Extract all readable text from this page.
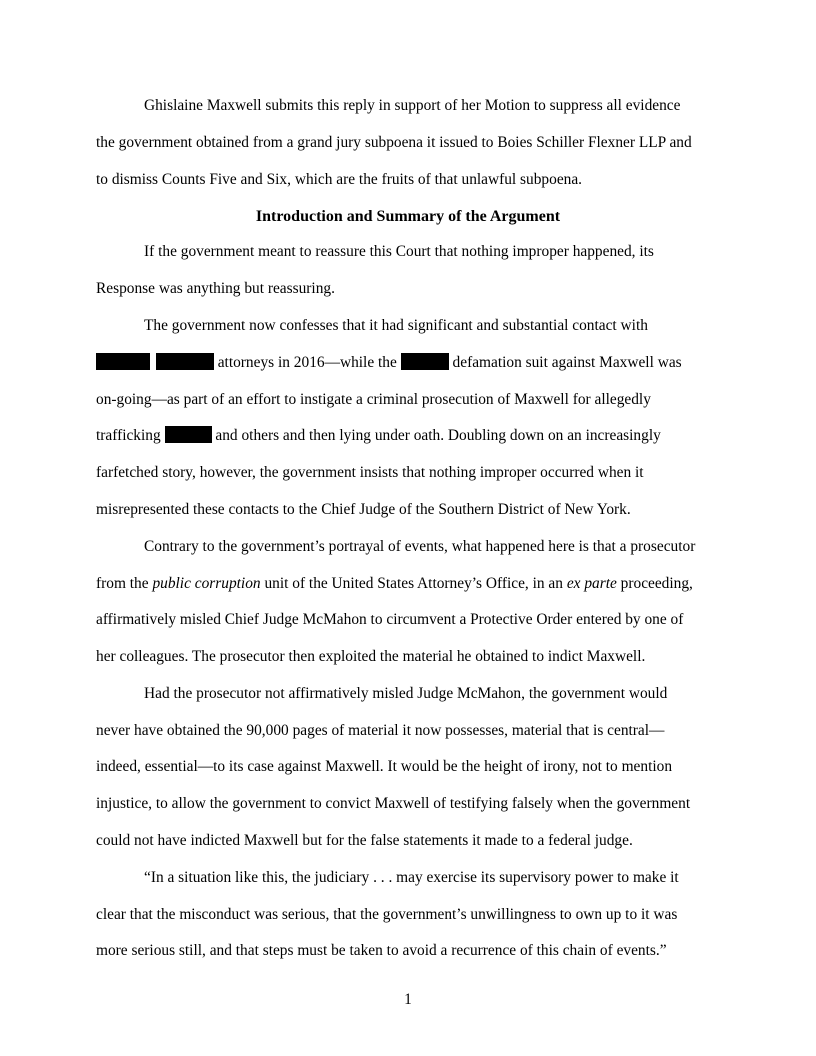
Ghislaine Maxwell submits this reply in support of her Motion to suppress all evidence
the government obtained from a grand jury subpoena it issued to Boies Schiller Flexner LLP and
to dismiss Counts Five and Six, which are the fruits of that unlawful subpoena.
Introduction and Summary of the Argument
If the government meant to reassure this Court that nothing improper happened, its
Response was anything but reassuring.
The government now confesses that it had significant and substantial contact with
attorneys in 2016—while the	defamation suit against Maxwell was
on-going—as part of an effort to instigate a criminal prosecution of Maxwell for allegedly
trafficking	and others and then lying under oath. Doubling down on an increasingly
farfetched story, however, the government insists that nothing improper occurred when it
misrepresented these contacts to the Chief Judge of the Southern District of New York.
Contrary to the government’s portrayal of events, what happened here is that a prosecutor
from the public corruption unit of the United States Attorney’s Office, in an ex parte proceeding,
affirmatively misled Chief Judge McMahon to circumvent a Protective Order entered by one of
her colleagues. The prosecutor then exploited the material he obtained to indict Maxwell.
Had the prosecutor not affirmatively misled Judge McMahon, the government would
never have obtained the 90,000 pages of material it now possesses, material that is central—
indeed, essential—to its case against Maxwell. It would be the height of irony, not to mention
injustice, to allow the government to convict Maxwell of testifying falsely when the government
could not have indicted Maxwell but for the false statements it made to a federal judge.
“In a situation like this, the judiciary . . . may exercise its supervisory power to make it
clear that the misconduct was serious, that the government’s unwillingness to own up to it was
more serious still, and that steps must be taken to avoid a recurrence of this chain of events.”
1
